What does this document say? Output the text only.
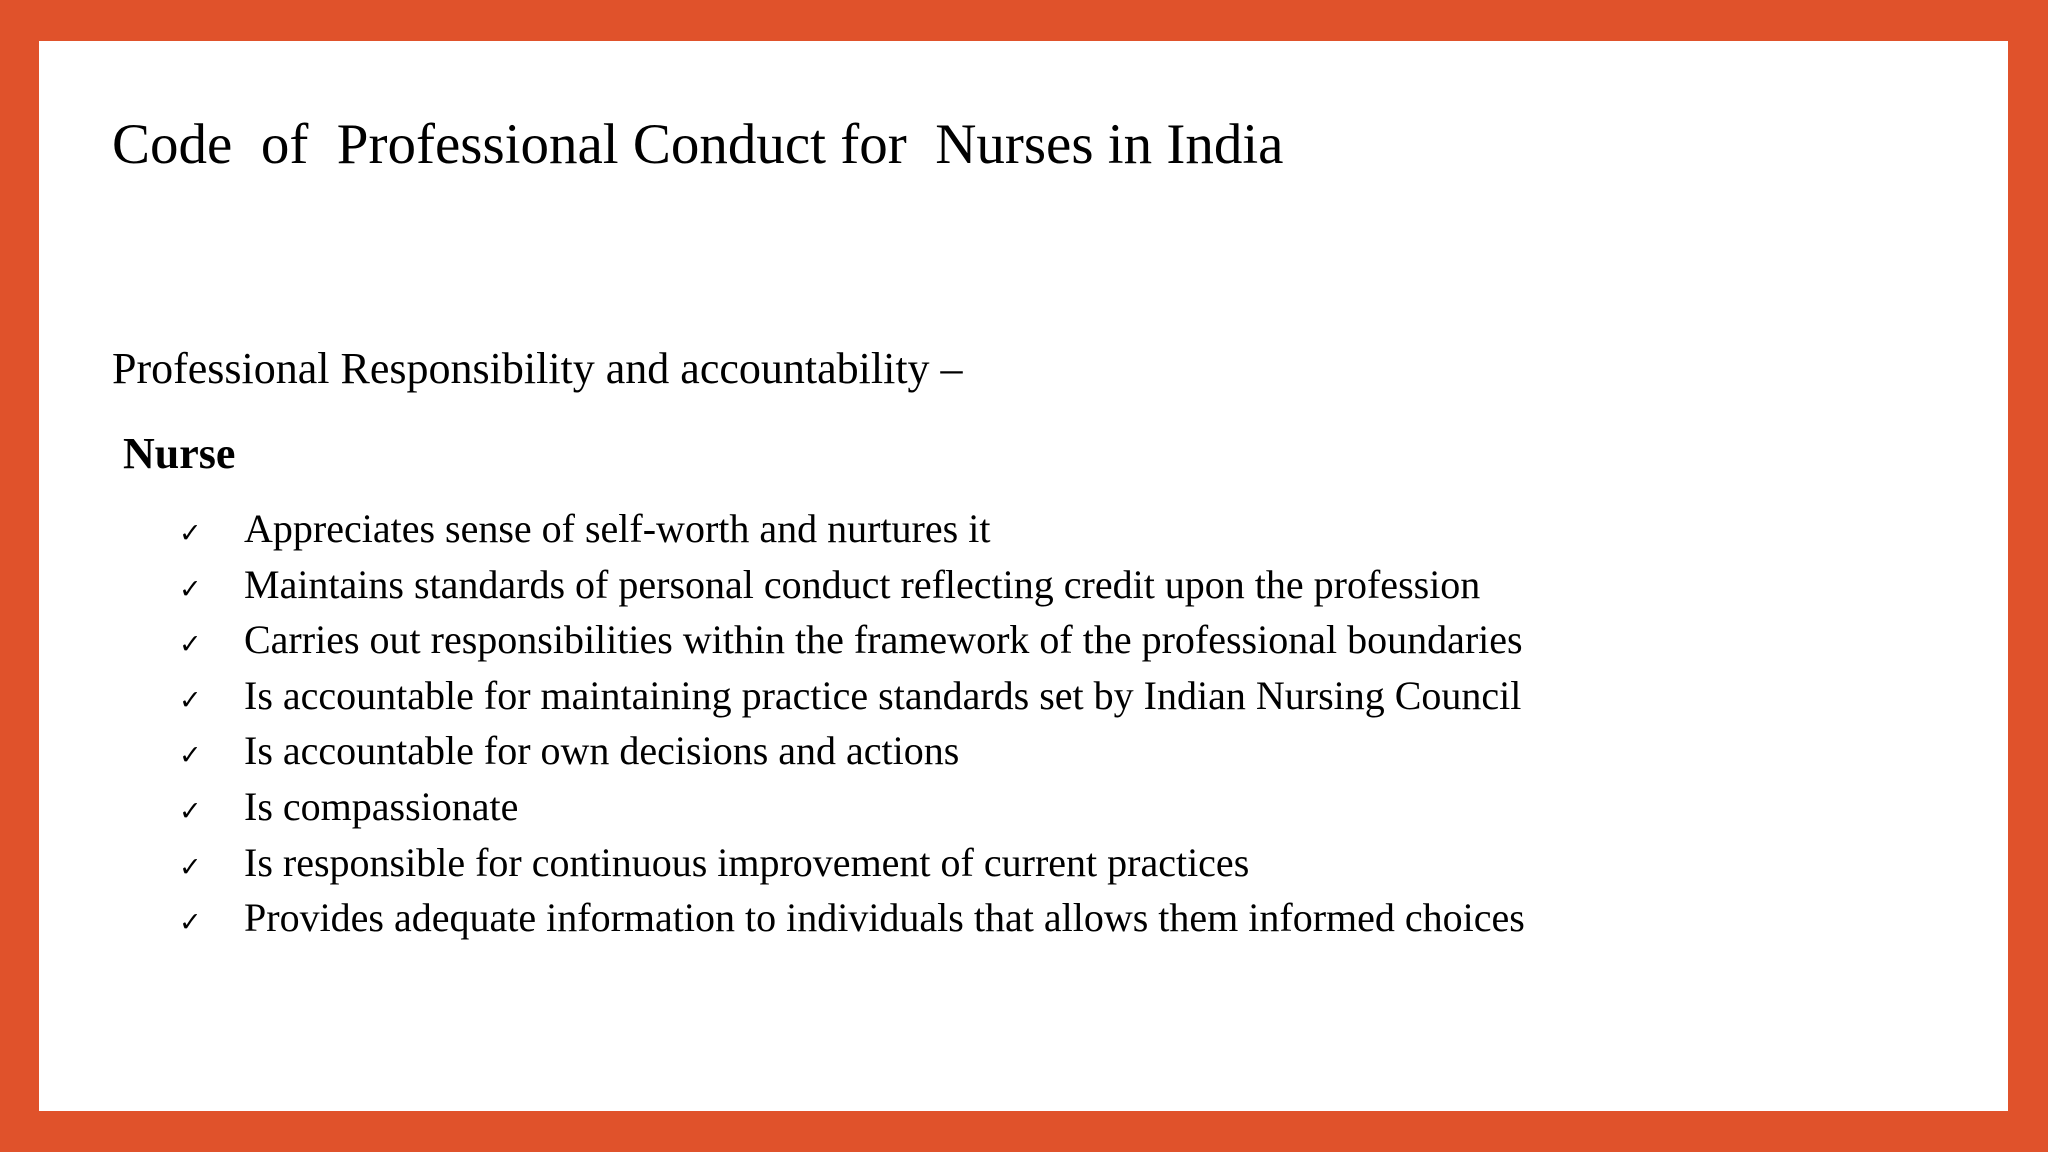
Code  of  Professional Conduct for  Nurses in India

Professional Responsibility and accountability –

Nurse

✓	Appreciates sense of self-worth and nurtures it
✓	Maintains standards of personal conduct reflecting credit upon the profession
✓	Carries out responsibilities within the framework of the professional boundaries
✓	Is accountable for maintaining practice standards set by Indian Nursing Council
✓	Is accountable for own decisions and actions
✓	Is compassionate
✓	Is responsible for continuous improvement of current practices
✓	Provides adequate information to individuals that allows them informed choices
